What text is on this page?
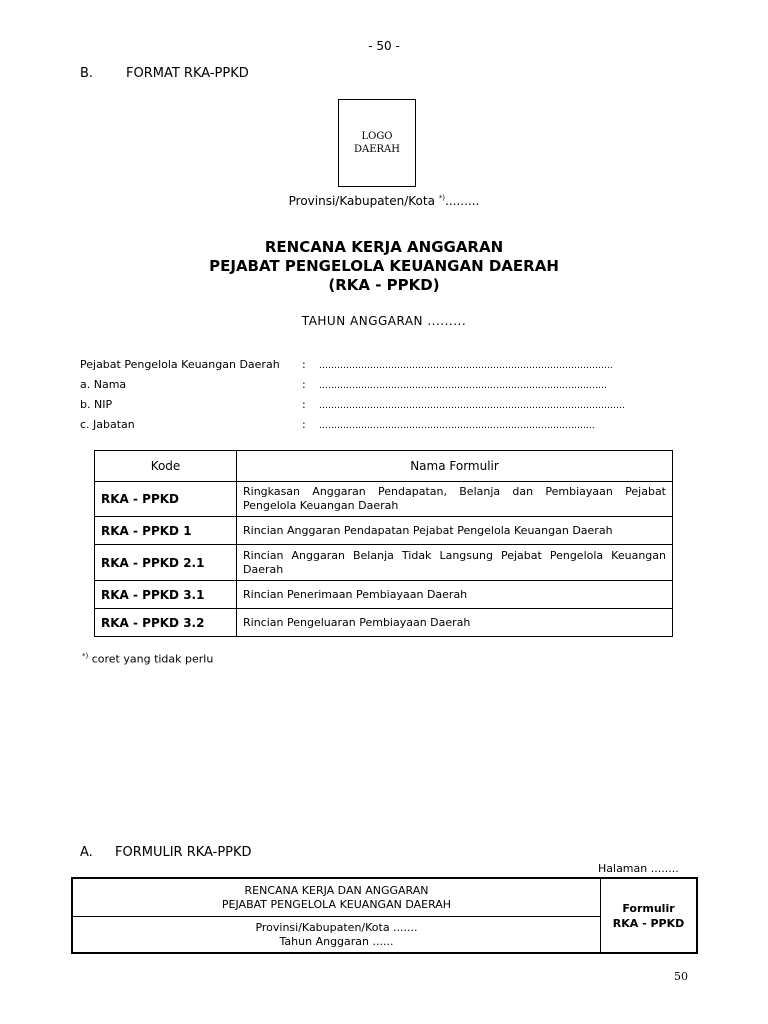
- 50 -
B.	FORMAT RKA-PPKD
LOGO
DAERAH
Provinsi/Kabupaten/Kota *).........
RENCANA KERJA ANGGARAN
PEJABAT PENGELOLA KEUANGAN DAERAH
(RKA - PPKD)
TAHUN ANGGARAN .........
Pejabat Pengelola Keuangan Daerah : ……………………………………………………………………………………..
a. Nama	: ……………………………………………………………………………………
b. NIP	: …………………………………………………………………………………………
c. Jabatan	: ………………………………………………………………………………..
Kode	Nama Formulir
RKA - PPKD	Ringkasan Anggaran Pendapatan, Belanja dan Pembiayaan Pejabat Pengelola Keuangan Daerah
RKA - PPKD 1	Rincian Anggaran Pendapatan Pejabat Pengelola Keuangan Daerah
RKA - PPKD 2.1	Rincian Anggaran Belanja Tidak Langsung Pejabat Pengelola Keuangan Daerah
RKA - PPKD 3.1	Rincian Penerimaan Pembiayaan Daerah
RKA - PPKD 3.2	Rincian Pengeluaran Pembiayaan Daerah
*) coret yang tidak perlu
A. FORMULIR RKA-PPKD
Halaman ........
RENCANA KERJA DAN ANGGARAN
PEJABAT PENGELOLA KEUANGAN DAERAH
Provinsi/Kabupaten/Kota .......
Tahun Anggaran ......
Formulir
RKA - PPKD
50
